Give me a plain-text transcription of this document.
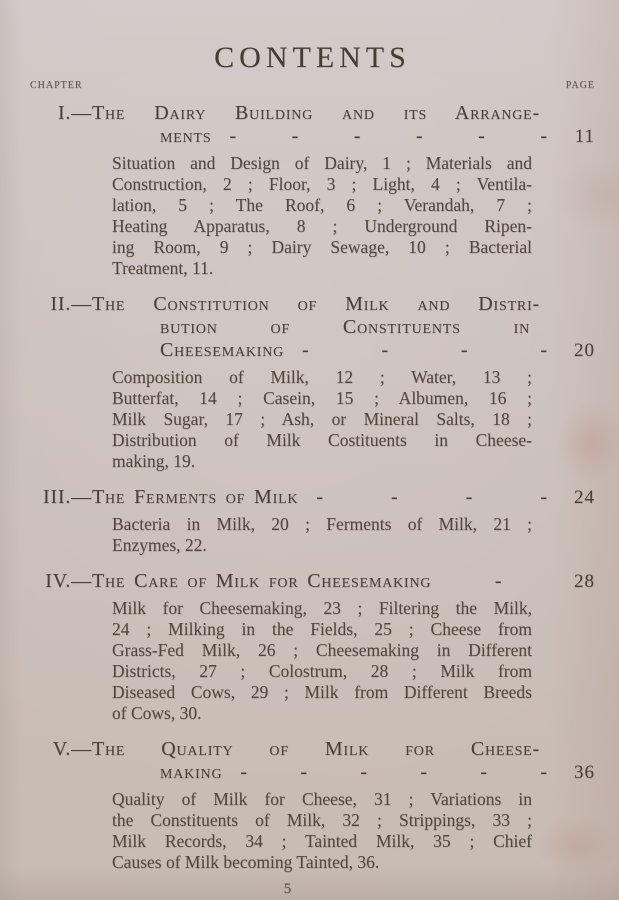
CONTENTS
CHAPTER	PAGE
I.— The Dairy Building and its Arrange-
ments - - - - - -	11
Situation and Design of Dairy, 1 ; Materials and
Construction, 2 ; Floor, 3 ; Light, 4 ; Ventila-
lation, 5 ; The Roof, 6 ; Verandah, 7 ;
Heating Apparatus, 8 ; Underground Ripen-
ing Room, 9 ; Dairy Sewage, 10 ; Bacterial
Treatment, 11.
II.— The Constitution of Milk and Distri-
bution of Constituents in
Cheesemaking - - - -	20
Composition of Milk, 12 ; Water, 13 ;
Butterfat, 14 ; Casein, 15 ; Albumen, 16 ;
Milk Sugar, 17 ; Ash, or Mineral Salts, 18 ;
Distribution of Milk Costituents in Cheese-
making, 19.
III.— The Ferments of Milk - - - -	24
Bacteria in Milk, 20 ; Ferments of Milk, 21 ;
Enzymes, 22.
IV.— The Care of Milk for Cheesemaking	-	28
Milk for Cheesemaking, 23 ; Filtering the Milk,
24 ; Milking in the Fields, 25 ; Cheese from
Grass-Fed Milk, 26 ; Cheesemaking in Different
Districts, 27 ; Colostrum, 28 ; Milk from
Diseased Cows, 29 ; Milk from Different Breeds
of Cows, 30.
V.— The Quality of Milk for Cheese-
making - - - - - -	36
Quality of Milk for Cheese, 31 ; Variations in
the Constituents of Milk, 32 ; Strippings, 33 ;
Milk Records, 34 ; Tainted Milk, 35 ; Chief
Causes of Milk becoming Tainted, 36.
5
